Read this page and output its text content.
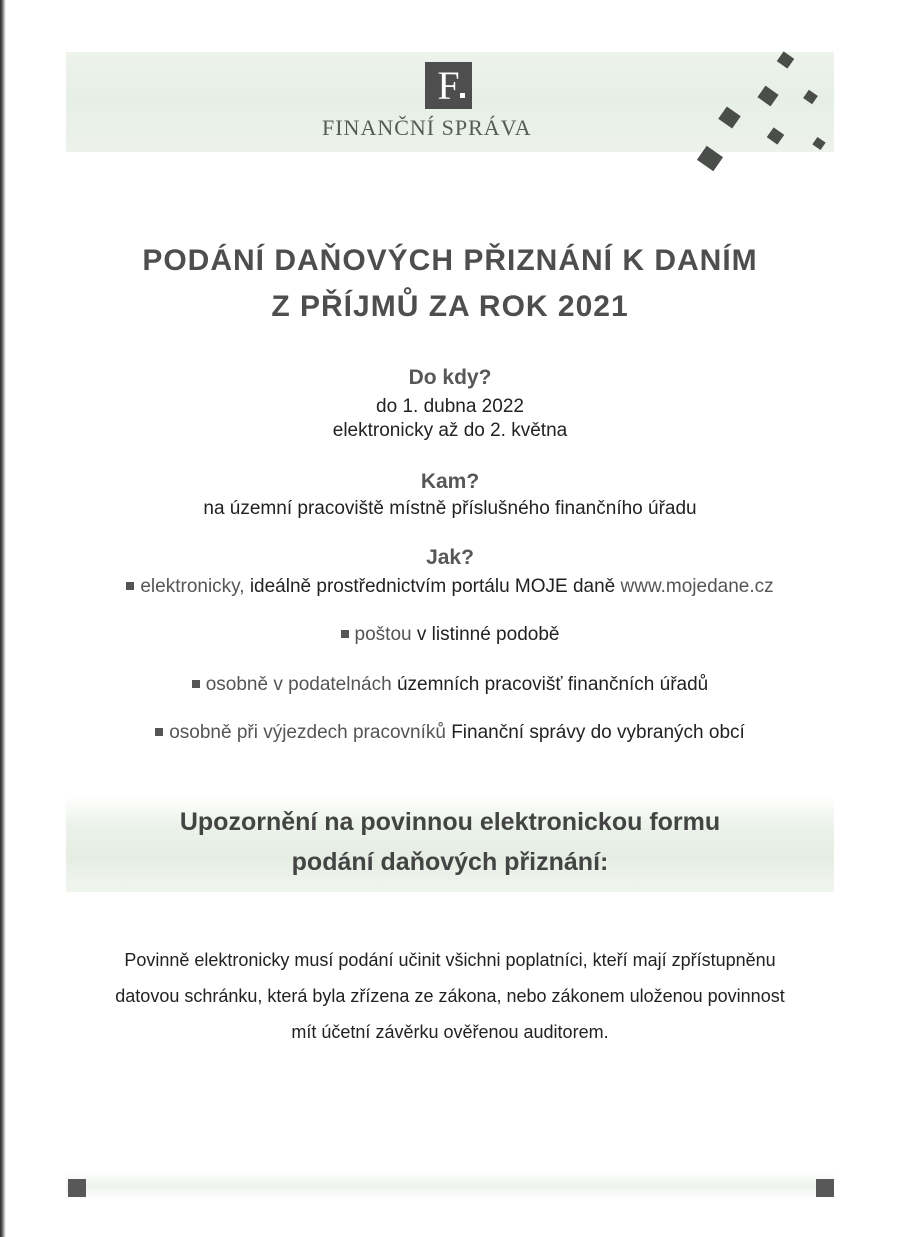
F
FINANČNÍ SPRÁVA
PODÁNÍ DAŇOVÝCH PŘIZNÁNÍ K DANÍM
Z PŘÍJMŮ ZA ROK 2021
Do kdy?
do 1. dubna 2022
elektronicky až do 2. května
Kam?
na územní pracoviště místně příslušného finančního úřadu
Jak?
elektronicky, ideálně prostřednictvím portálu MOJE daně www.mojedane.cz
poštou v listinné podobě
osobně v podatelnách územních pracovišť finančních úřadů
osobně při výjezdech pracovníků Finanční správy do vybraných obcí
Upozornění na povinnou elektronickou formu
podání daňových přiznání:
Povinně elektronicky musí podání učinit všichni poplatníci, kteří mají zpřístupněnu
datovou schránku, která byla zřízena ze zákona, nebo zákonem uloženou povinnost
mít účetní závěrku ověřenou auditorem.
